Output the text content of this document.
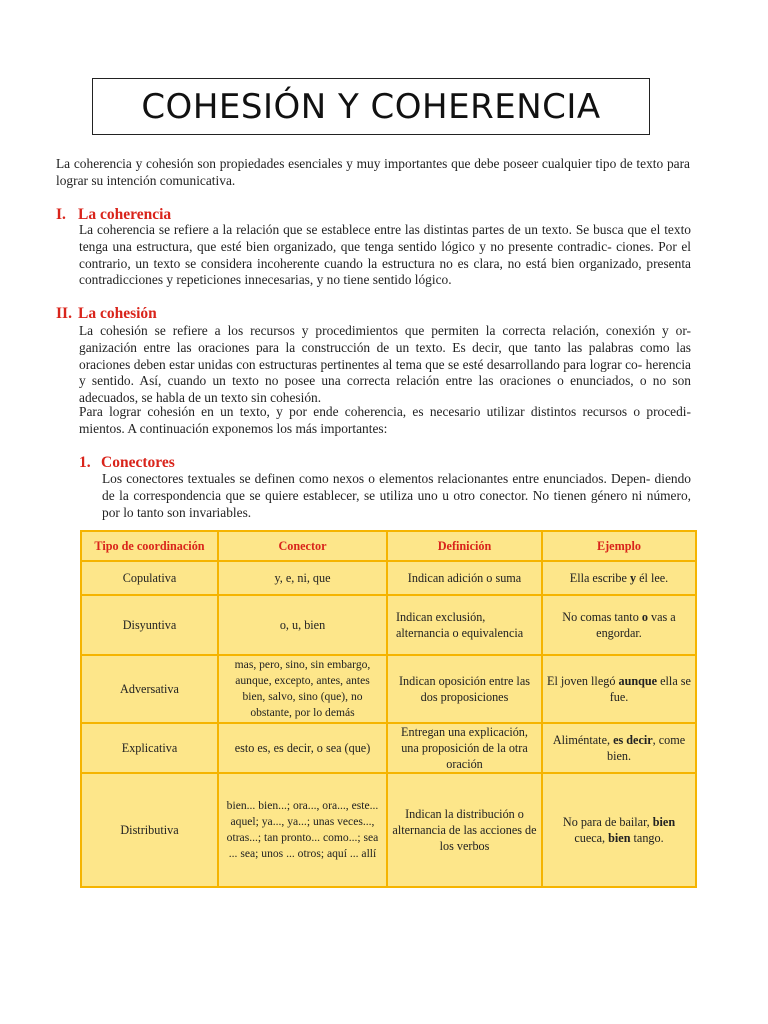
COHESIÓN Y COHERENCIA

La coherencia y cohesión son propiedades esenciales y muy importantes que debe poseer cualquier tipo de texto para lograr su intención comunicativa.

I. La coherencia

La coherencia se refiere a la relación que se establece entre las distintas partes de un texto. Se busca que el texto tenga una estructura, que esté bien organizado, que tenga sentido lógico y no presente contradic- ciones. Por el contrario, un texto se considera incoherente cuando la estructura no es clara, no está bien organizado, presenta contradicciones y repeticiones innecesarias, y no tiene sentido lógico.

II. La cohesión

La cohesión se refiere a los recursos y procedimientos que permiten la correcta relación, conexión y or- ganización entre las oraciones para la construcción de un texto. Es decir, que tanto las palabras como las oraciones deben estar unidas con estructuras pertinentes al tema que se esté desarrollando para lograr co- herencia y sentido. Así, cuando un texto no posee una correcta relación entre las oraciones o enunciados, o no son adecuados, se habla de un texto sin cohesión.

Para lograr cohesión en un texto, y por ende coherencia, es necesario utilizar distintos recursos o procedi- mientos. A continuación exponemos los más importantes:

1. Conectores

Los conectores textuales se definen como nexos o elementos relacionantes entre enunciados. Depen- diendo de la correspondencia que se quiere establecer, se utiliza uno u otro conector. No tienen género ni número, por lo tanto son invariables.

Tipo de coordinación	Conector	Definición	Ejemplo
Copulativa	y, e, ni, que	Indican adición o suma	Ella escribe y él lee.
Disyuntiva	o, u, bien	Indican exclusión, alternancia o equivalencia	No comas tanto o vas a engordar.
Adversativa	mas, pero, sino, sin embargo, aunque, excepto, antes, antes bien, salvo, sino (que), no obstante, por lo demás	Indican oposición entre las dos proposiciones	El joven llegó aunque ella se fue.
Explicativa	esto es, es decir, o sea (que)	Entregan una explicación, una proposición de la otra oración	Aliméntate, es decir, come bien.
Distributiva	bien... bien...; ora..., ora..., este... aquel; ya..., ya...; unas veces..., otras...; tan pronto... como...; sea ... sea; unos ... otros; aquí ... allí	Indican la distribución o alternancia de las acciones de los verbos	No para de bailar, bien cueca, bien tango.
